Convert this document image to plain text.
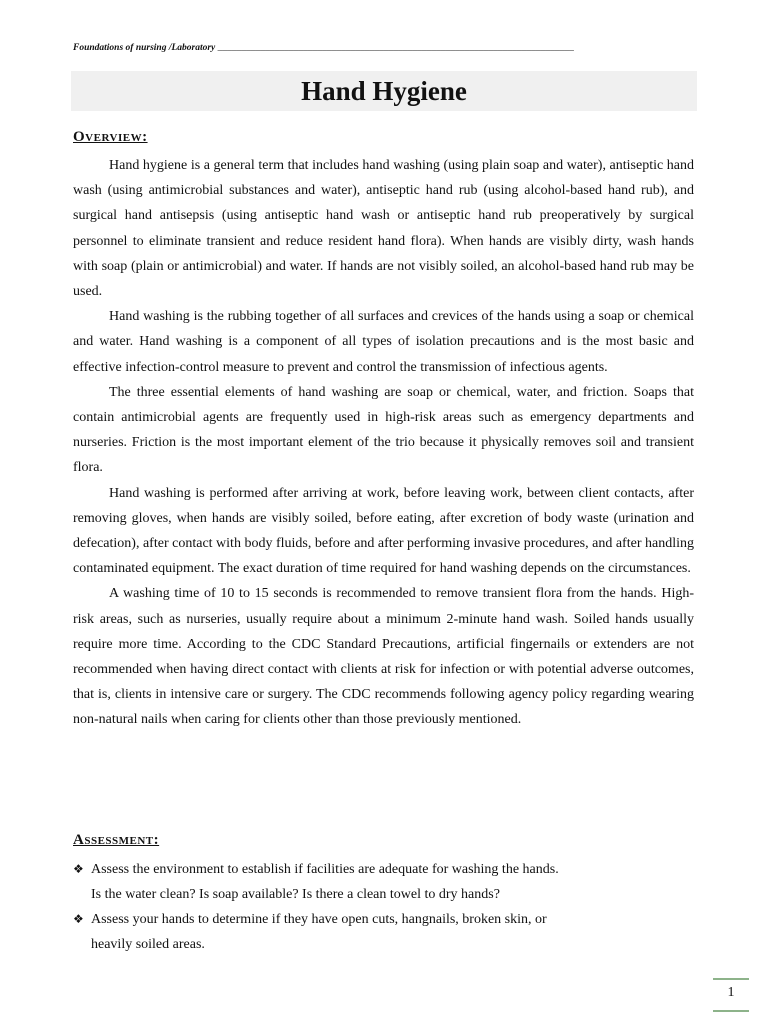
Foundations of nursing /Laboratory ___________________________________________________________________________
Hand Hygiene
Overview:

Hand hygiene is a general term that includes hand washing (using plain soap and water), antiseptic hand wash (using antimicrobial substances and water), antiseptic hand rub (using alcohol-based hand rub), and surgical hand antisepsis (using antiseptic hand wash or antiseptic hand rub preoperatively by surgical personnel to eliminate transient and reduce resident hand flora). When hands are visibly dirty, wash hands with soap (plain or antimicrobial) and water. If hands are not visibly soiled, an alcohol-based hand rub may be used.

Hand washing is the rubbing together of all surfaces and crevices of the hands using a soap or chemical and water. Hand washing is a component of all types of isolation precautions and is the most basic and effective infection-control measure to prevent and control the transmission of infectious agents.

The three essential elements of hand washing are soap or chemical, water, and friction. Soaps that contain antimicrobial agents are frequently used in high-risk areas such as emergency departments and nurseries. Friction is the most important element of the trio because it physically removes soil and transient flora.

Hand washing is performed after arriving at work, before leaving work, between client contacts, after removing gloves, when hands are visibly soiled, before eating, after excretion of body waste (urination and defecation), after contact with body fluids, before and after performing invasive procedures, and after handling contaminated equipment. The exact duration of time required for hand washing depends on the circumstances.

A washing time of 10 to 15 seconds is recommended to remove transient flora from the hands. High-risk areas, such as nurseries, usually require about a minimum 2-minute hand wash. Soiled hands usually require more time. According to the CDC Standard Precautions, artificial fingernails or extenders are not recommended when having direct contact with clients at risk for infection or with potential adverse outcomes, that is, clients in intensive care or surgery. The CDC recommends following agency policy regarding wearing non-natural nails when caring for clients other than those previously mentioned.

Assessment:
❖ Assess the environment to establish if facilities are adequate for washing the hands.
Is the water clean? Is soap available? Is there a clean towel to dry hands?
❖ Assess your hands to determine if they have open cuts, hangnails, broken skin, or
heavily soiled areas.
1
